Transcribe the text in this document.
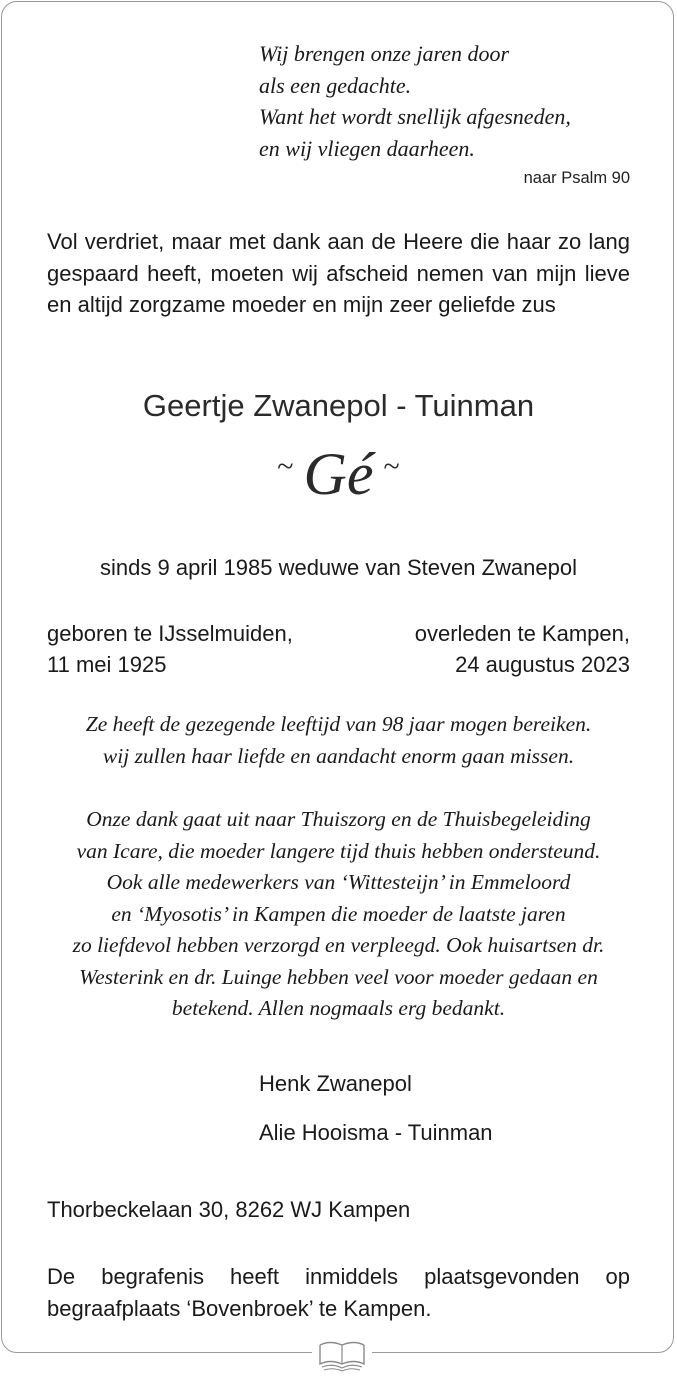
Wij brengen onze jaren door
als een gedachte.
Want het wordt snellijk afgesneden,
en wij vliegen daarheen.
naar Psalm 90

Vol verdriet, maar met dank aan de Heere die haar zo lang gespaard heeft, moeten wij afscheid nemen van mijn lieve en altijd zorgzame moeder en mijn zeer geliefde zus

Geertje Zwanepol - Tuinman
~ Gé ~
sinds 9 april 1985 weduwe van Steven Zwanepol
geboren te IJsselmuiden,
11 mei 1925
overleden te Kampen,
24 augustus 2023
Ze heeft de gezegende leeftijd van 98 jaar mogen bereiken.
wij zullen haar liefde en aandacht enorm gaan missen.
Onze dank gaat uit naar Thuiszorg en de Thuisbegeleiding
van Icare, die moeder langere tijd thuis hebben ondersteund.
Ook alle medewerkers van ‘Wittesteijn’ in Emmeloord
en ‘Myosotis’ in Kampen die moeder de laatste jaren
zo liefdevol hebben verzorgd en verpleegd. Ook huisartsen dr.
Westerink en dr. Luinge hebben veel voor moeder gedaan en
betekend. Allen nogmaals erg bedankt.
Henk Zwanepol
Alie Hooisma - Tuinman
Thorbeckelaan 30, 8262 WJ Kampen

De begrafenis heeft inmiddels plaatsgevonden op begraafplaats ‘Bovenbroek’ te Kampen.
